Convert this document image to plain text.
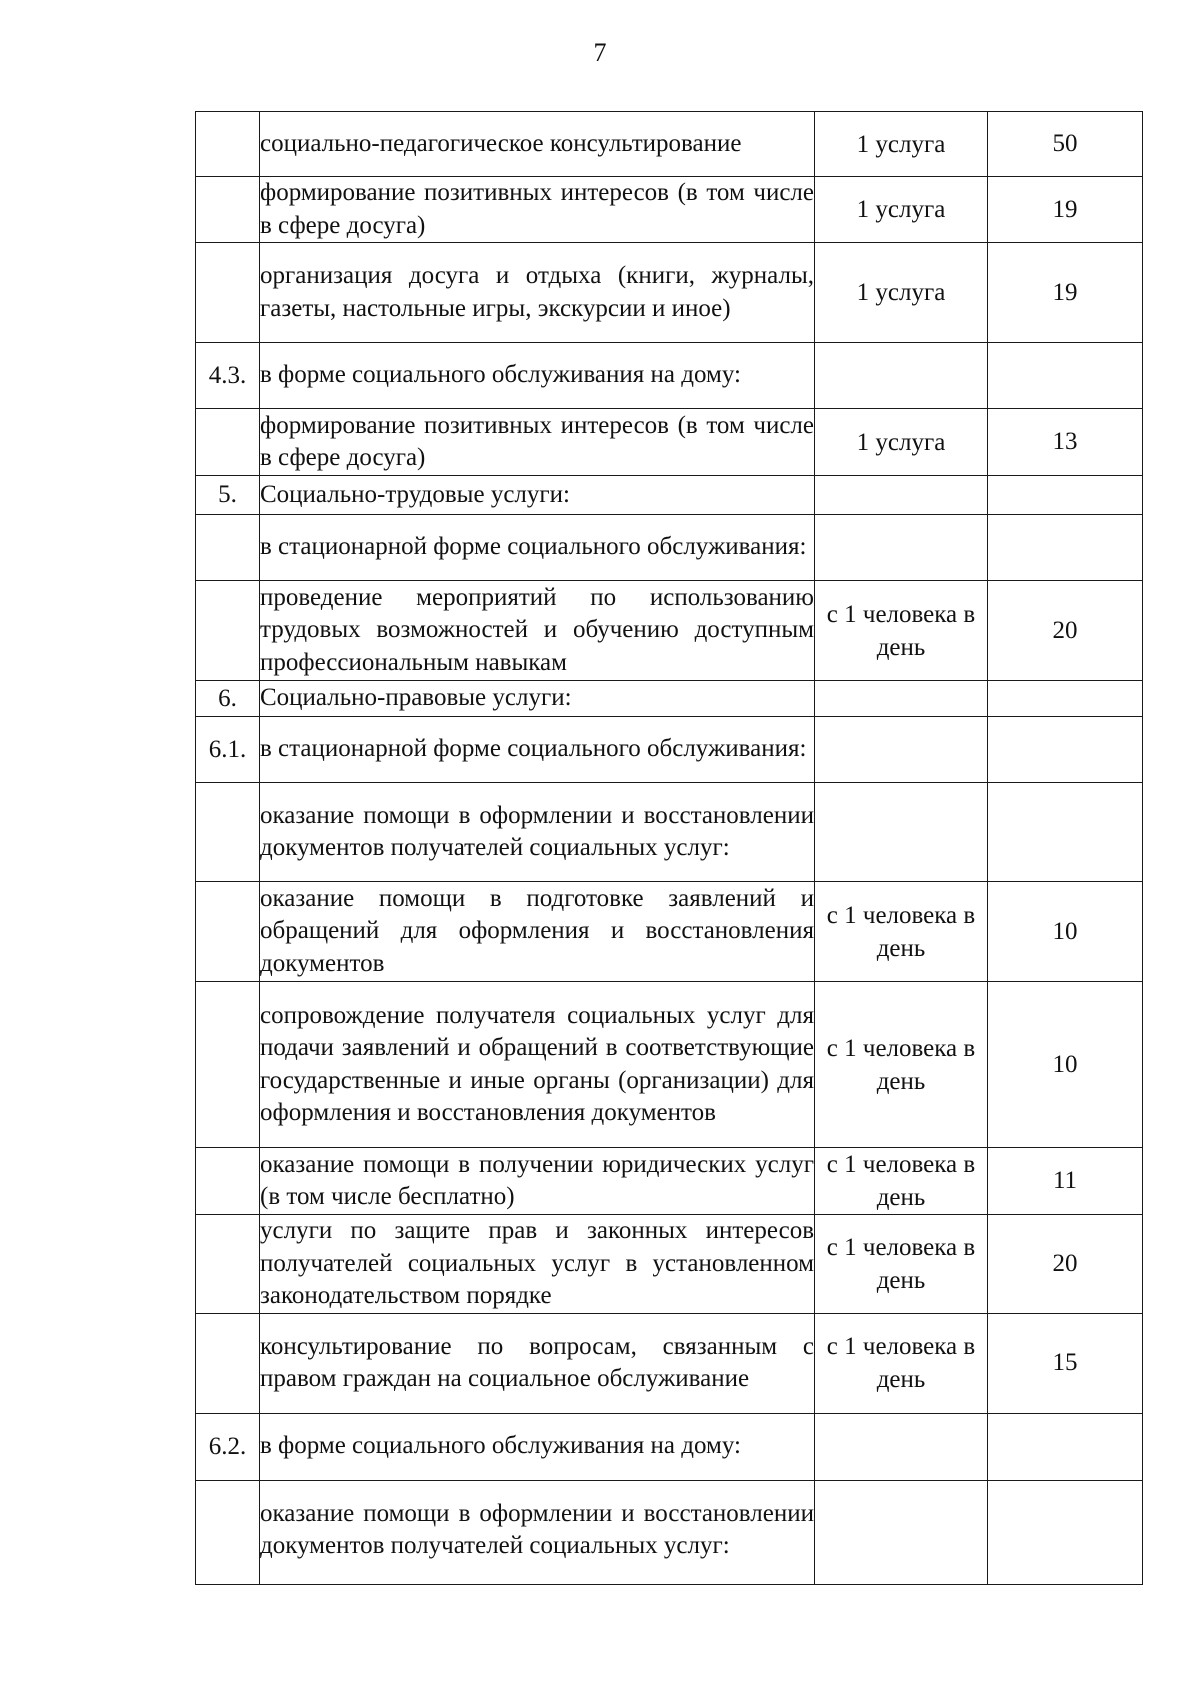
7
	социально-педагогическое консультирование	1 услуга	50
	формирование позитивных интересов (в том числе в сфере досуга)	1 услуга	19
	организация досуга и отдыха (книги, журналы, газеты, настольные игры, экскурсии и иное)	1 услуга	19
4.3.	в форме социального обслуживания на дому:		
	формирование позитивных интересов (в том числе в сфере досуга)	1 услуга	13
5.	Социально-трудовые услуги:		
	в стационарной форме социального обслуживания:		
	проведение мероприятий по использованию трудовых возможностей и обучению доступным профессиональным навыкам	с 1 человека в день	20
6.	Социально-правовые услуги:		
6.1.	в стационарной форме социального обслуживания:		
	оказание помощи в оформлении и восстановлении документов получателей социальных услуг:		
	оказание помощи в подготовке заявлений и обращений для оформления и восстановления документов	с 1 человека в день	10
	сопровождение получателя социальных услуг для подачи заявлений и обращений в соответствующие государственные и иные органы (организации) для оформления и восстановления документов	с 1 человека в день	10
	оказание помощи в получении юридических услуг (в том числе бесплатно)	с 1 человека в день	11
	услуги по защите прав и законных интересов получателей социальных услуг в установленном законодательством порядке	с 1 человека в день	20
	консультирование по вопросам, связанным с правом граждан на социальное обслуживание	с 1 человека в день	15
6.2.	в форме социального обслуживания на дому:		
	оказание помощи в оформлении и восстановлении документов получателей социальных услуг:		
